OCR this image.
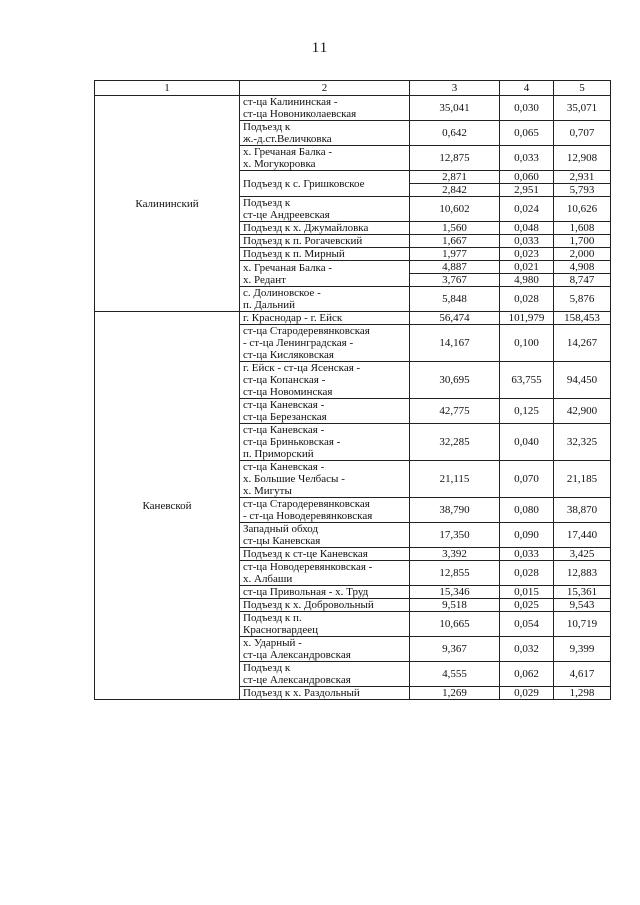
11
1	2	3	4	5
Калининский	ст-ца Калининская -
ст-ца Новониколаевская	35,041	0,030	35,071

	Подъезд к
ж.-д.ст.Величковка	0,642	0,065	0,707

	х. Гречаная Балка -
х. Могукоровка	12,875	0,033	12,908

	Подъезд к с. Гришковское	2,871	0,060	2,931
		2,842	2,951	5,793

	Подъезд к
ст-це Андреевская	10,602	0,024	10,626

	Подъезд к х. Джумайловка	1,560	0,048	1,608

	Подъезд к п. Рогачевский	1,667	0,033	1,700

	Подъезд к п. Мирный	1,977	0,023	2,000

	х. Гречаная Балка -
х. Редант	4,887	0,021	4,908
		3,767	4,980	8,747

	с. Долиновское -
п. Дальний	5,848	0,028	5,876
Каневской	г. Краснодар - г. Ейск	56,474	101,979	158,453

	ст-ца Стародеревянковская
- ст-ца Ленинградская -
ст-ца Кисляковская	14,167	0,100	14,267

	г. Ейск - ст-ца Ясенская -
ст-ца Копанская -
ст-ца Новоминская	30,695	63,755	94,450

	ст-ца Каневская -
ст-ца Березанская	42,775	0,125	42,900

	ст-ца Каневская -
ст-ца Бриньковская -
п. Приморский	32,285	0,040	32,325

	ст-ца Каневская -
х. Большие Челбасы -
х. Мигуты	21,115	0,070	21,185

	ст-ца Стародеревянковская
- ст-ца Новодеревянковская	38,790	0,080	38,870

	Западный обход
ст-цы Каневская	17,350	0,090	17,440

	Подъезд к ст-це Каневская	3,392	0,033	3,425

	ст-ца Новодеревянковская -
х. Албаши	12,855	0,028	12,883

	ст-ца Привольная - х. Труд	15,346	0,015	15,361

	Подъезд к х. Добровольный	9,518	0,025	9,543

	Подъезд к п.
Красногвардеец	10,665	0,054	10,719

	х. Ударный -
ст-ца Александровская	9,367	0,032	9,399

	Подъезд к
ст-це Александровская	4,555	0,062	4,617

	Подъезд к х. Раздольный	1,269	0,029	1,298
